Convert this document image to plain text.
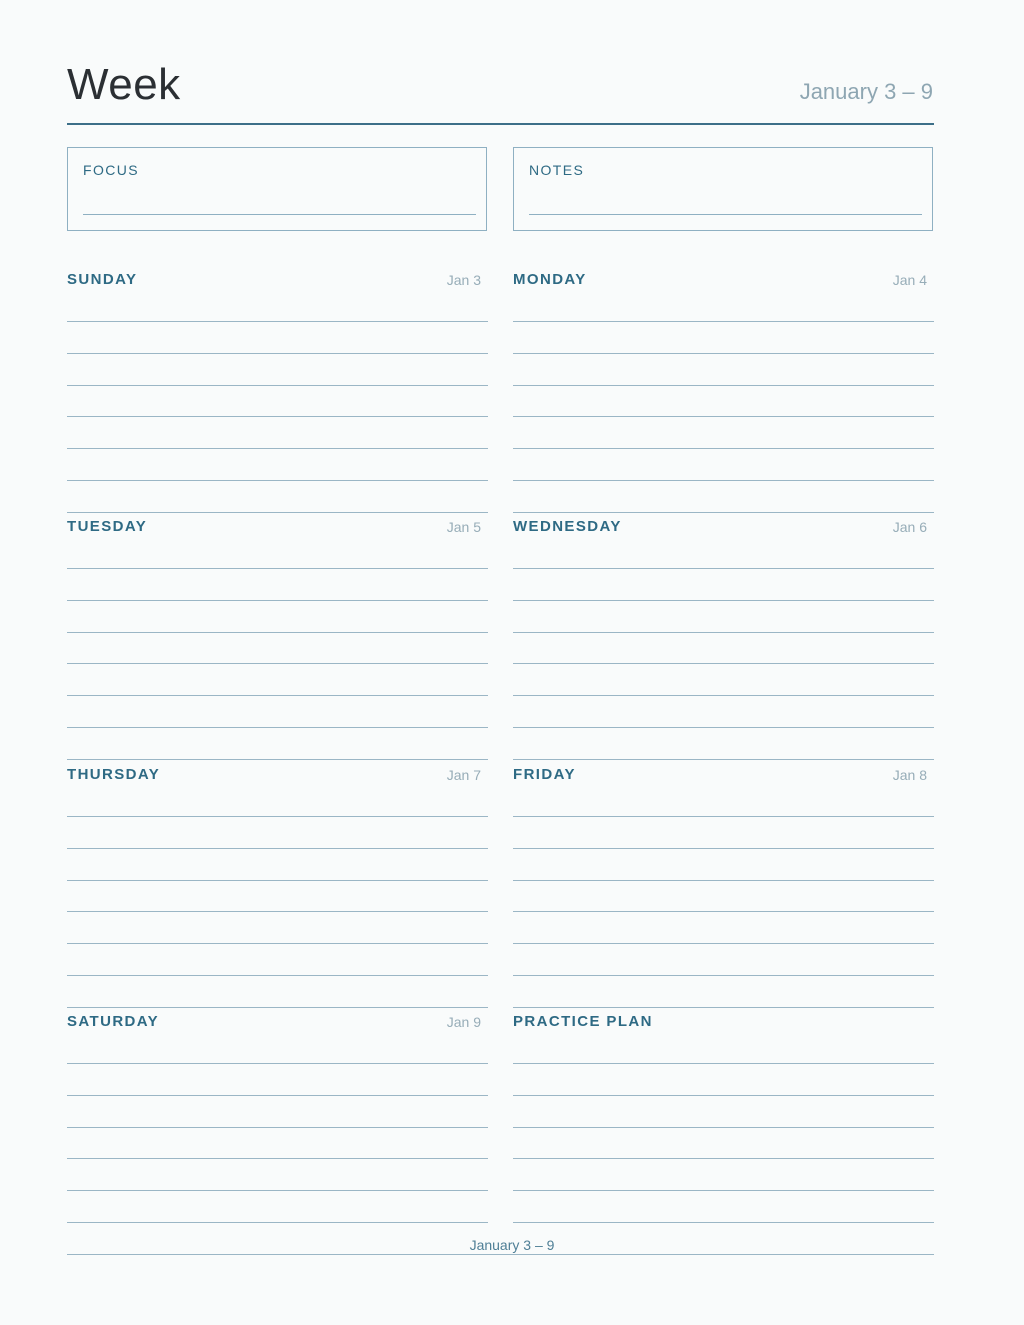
Week	January 3 – 9
FOCUS	NOTES
SUNDAY	Jan 3 MONDAY	Jan 4
TUESDAY	Jan 5 WEDNESDAY	Jan 6
THURSDAY	Jan 7 FRIDAY	Jan 8
SATURDAY	Jan 9 PRACTICE PLAN
January 3 – 9
